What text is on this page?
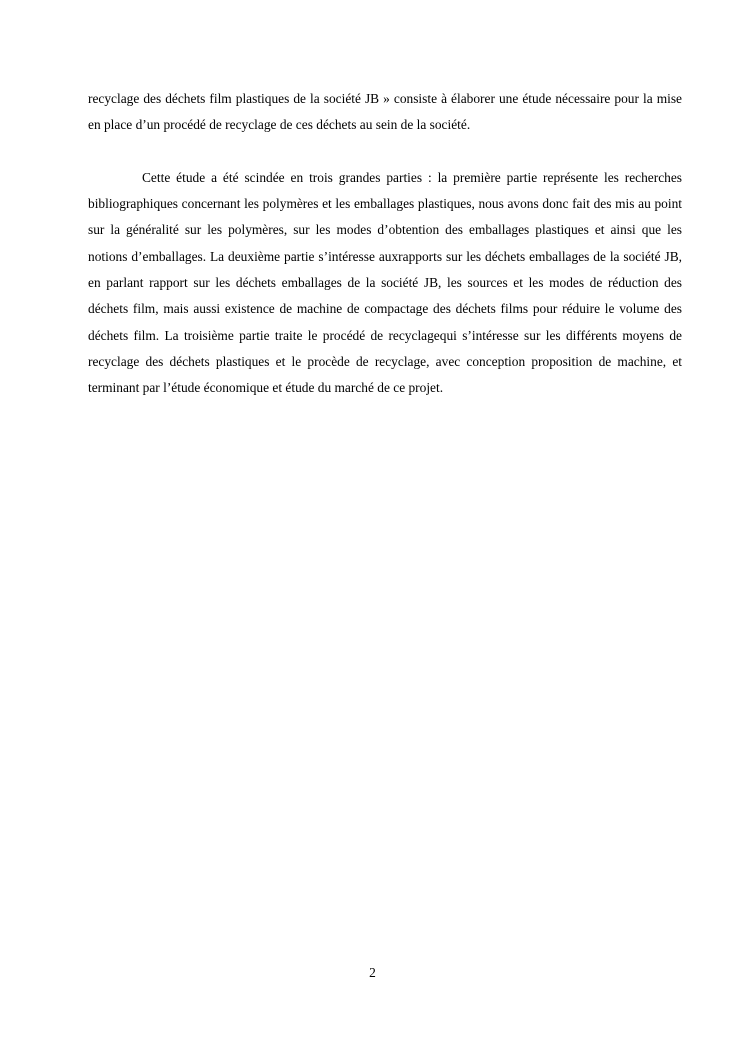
recyclage des déchets film plastiques de la société JB » consiste à élaborer une étude nécessaire pour la mise en place d’un procédé de recyclage de ces déchets au sein de la société.

Cette étude a été scindée en trois grandes parties : la première partie représente les recherches bibliographiques concernant les polymères et les emballages plastiques, nous avons donc fait des mis au point sur la généralité sur les polymères, sur les modes d’obtention des emballages plastiques et ainsi que les notions d’emballages. La deuxième partie s’intéresse auxrapports sur les déchets emballages de la société JB, en parlant rapport sur les déchets emballages de la société JB, les sources et les modes de réduction des déchets film, mais aussi existence de machine de compactage des déchets films pour réduire le volume des déchets film. La troisième partie traite le procédé de recyclagequi s’intéresse sur les différents moyens de recyclage des déchets plastiques et le procède de recyclage, avec conception proposition de machine, et terminant par l’étude économique et étude du marché de ce projet.

2
